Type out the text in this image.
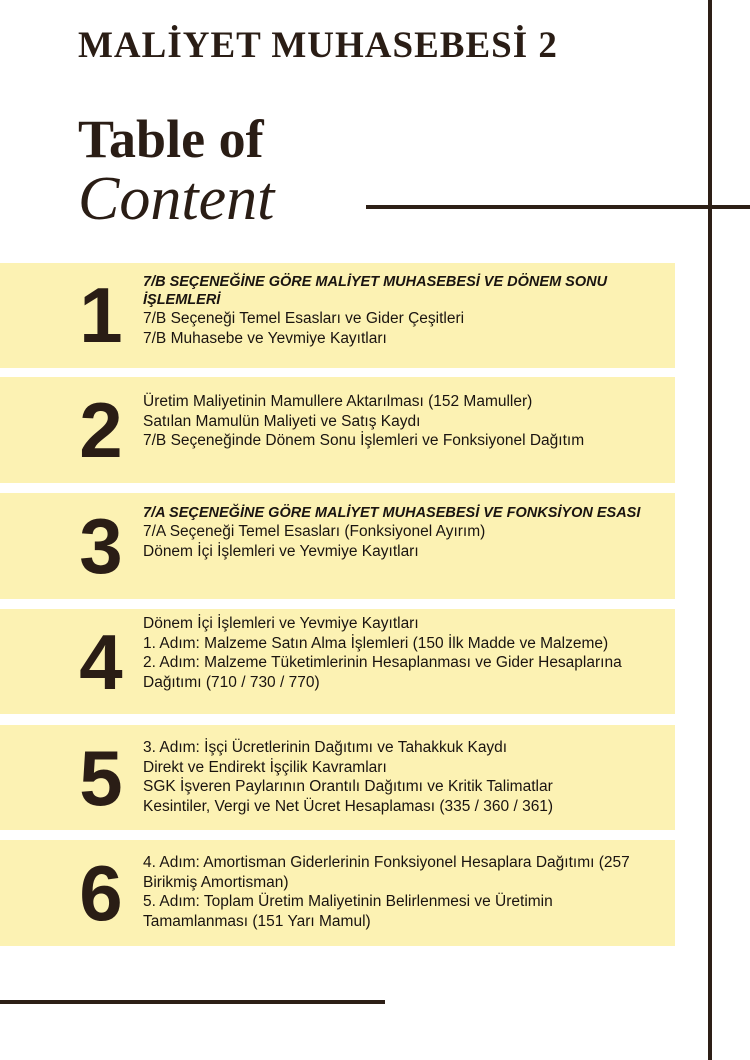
MALİYET MUHASEBESİ 2
Table of
Content
1	7/B SEÇENEĞİNE GÖRE MALİYET MUHASEBESİ VE DÖNEM SONU İŞLEMLERİ
7/B Seçeneği Temel Esasları ve Gider Çeşitleri
7/B Muhasebe ve Yevmiye Kayıtları
2	Üretim Maliyetinin Mamullere Aktarılması (152 Mamuller)
Satılan Mamulün Maliyeti ve Satış Kaydı
7/B Seçeneğinde Dönem Sonu İşlemleri ve Fonksiyonel Dağıtım
3	7/A SEÇENEĞİNE GÖRE MALİYET MUHASEBESİ VE FONKSİYON ESASI
7/A Seçeneği Temel Esasları (Fonksiyonel Ayırım)
Dönem İçi İşlemleri ve Yevmiye Kayıtları
4	Dönem İçi İşlemleri ve Yevmiye Kayıtları
1. Adım: Malzeme Satın Alma İşlemleri (150 İlk Madde ve Malzeme)
2. Adım: Malzeme Tüketimlerinin Hesaplanması ve Gider Hesaplarına Dağıtımı (710 / 730 / 770)
5	3. Adım: İşçi Ücretlerinin Dağıtımı ve Tahakkuk Kaydı
Direkt ve Endirekt İşçilik Kavramları
SGK İşveren Paylarının Orantılı Dağıtımı ve Kritik Talimatlar
Kesintiler, Vergi ve Net Ücret Hesaplaması (335 / 360 / 361)
6	4. Adım: Amortisman Giderlerinin Fonksiyonel Hesaplara Dağıtımı (257 Birikmiş Amortisman)
5. Adım: Toplam Üretim Maliyetinin Belirlenmesi ve Üretimin Tamamlanması (151 Yarı Mamul)
